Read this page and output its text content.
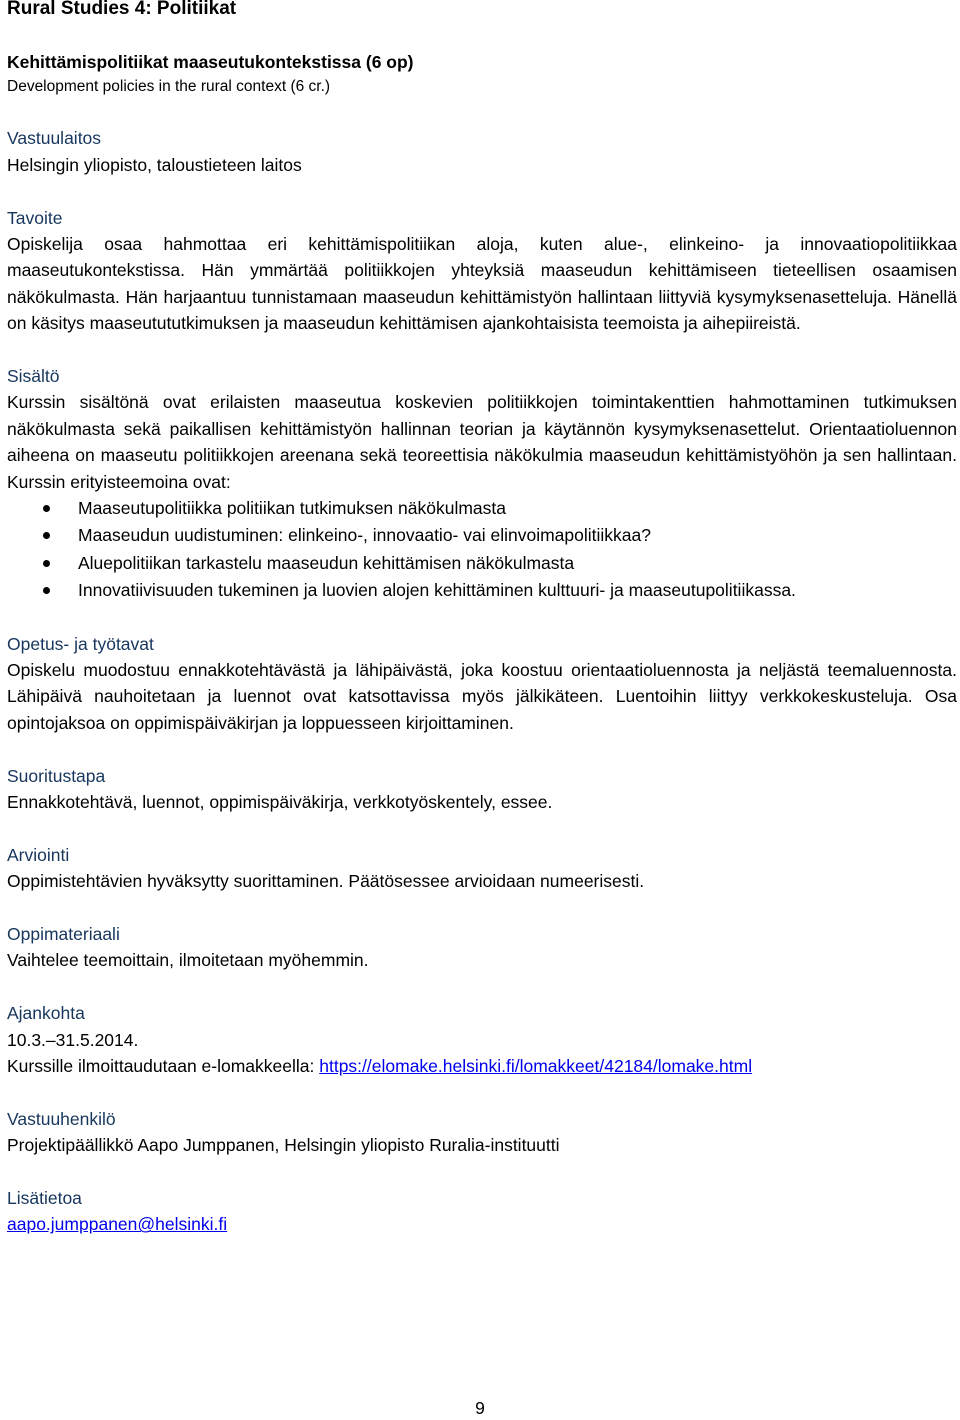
Rural Studies 4: Politiikat
Kehittämispolitiikat maaseutukontekstissa (6 op)
Development policies in the rural context (6 cr.)
Vastuulaitos

Helsingin yliopisto, taloustieteen laitos

Tavoite

Opiskelija osaa hahmottaa eri kehittämispolitiikan aloja, kuten alue-, elinkeino- ja innovaatiopolitiikkaa maaseutukontekstissa. Hän ymmärtää politiikkojen yhteyksiä maaseudun kehittämiseen tieteellisen osaamisen näkökulmasta. Hän harjaantuu tunnistamaan maaseudun kehittämistyön hallintaan liittyviä kysymyksenasetteluja. Hänellä on käsitys maaseutututkimuksen ja maaseudun kehittämisen ajankohtaisista teemoista ja aihepiireistä.

Sisältö

Kurssin sisältönä ovat erilaisten maaseutua koskevien politiikkojen toimintakenttien hahmottaminen tutkimuksen näkökulmasta sekä paikallisen kehittämistyön hallinnan teorian ja käytännön kysymyksenasettelut. Orientaatioluennon aiheena on maaseutu politiikkojen areenana sekä teoreettisia näkökulmia maaseudun kehittämistyöhön ja sen hallintaan. Kurssin erityisteemoina ovat:

Maaseutupolitiikka politiikan tutkimuksen näkökulmasta
Maaseudun uudistuminen: elinkeino-, innovaatio- vai elinvoimapolitiikkaa?
Aluepolitiikan tarkastelu maaseudun kehittämisen näkökulmasta
Innovatiivisuuden tukeminen ja luovien alojen kehittäminen kulttuuri- ja maaseutupolitiikassa.
Opetus- ja työtavat

Opiskelu muodostuu ennakkotehtävästä ja lähipäivästä, joka koostuu orientaatioluennosta ja neljästä teemaluennosta. Lähipäivä nauhoitetaan ja luennot ovat katsottavissa myös jälkikäteen. Luentoihin liittyy verkkokeskusteluja. Osa opintojaksoa on oppimispäiväkirjan ja loppuesseen kirjoittaminen.

Suoritustapa

Ennakkotehtävä, luennot, oppimispäiväkirja, verkkotyöskentely, essee.

Arviointi

Oppimistehtävien hyväksytty suorittaminen. Päätösessee arvioidaan numeerisesti.

Oppimateriaali

Vaihtelee teemoittain, ilmoitetaan myöhemmin.

Ajankohta

10.3.–31.5.2014.

Kurssille ilmoittaudutaan e-lomakkeella: https://elomake.helsinki.fi/lomakkeet/42184/lomake.html

Vastuuhenkilö

Projektipäällikkö Aapo Jumppanen, Helsingin yliopisto Ruralia-instituutti

Lisätietoa

aapo.jumppanen@helsinki.fi

9
